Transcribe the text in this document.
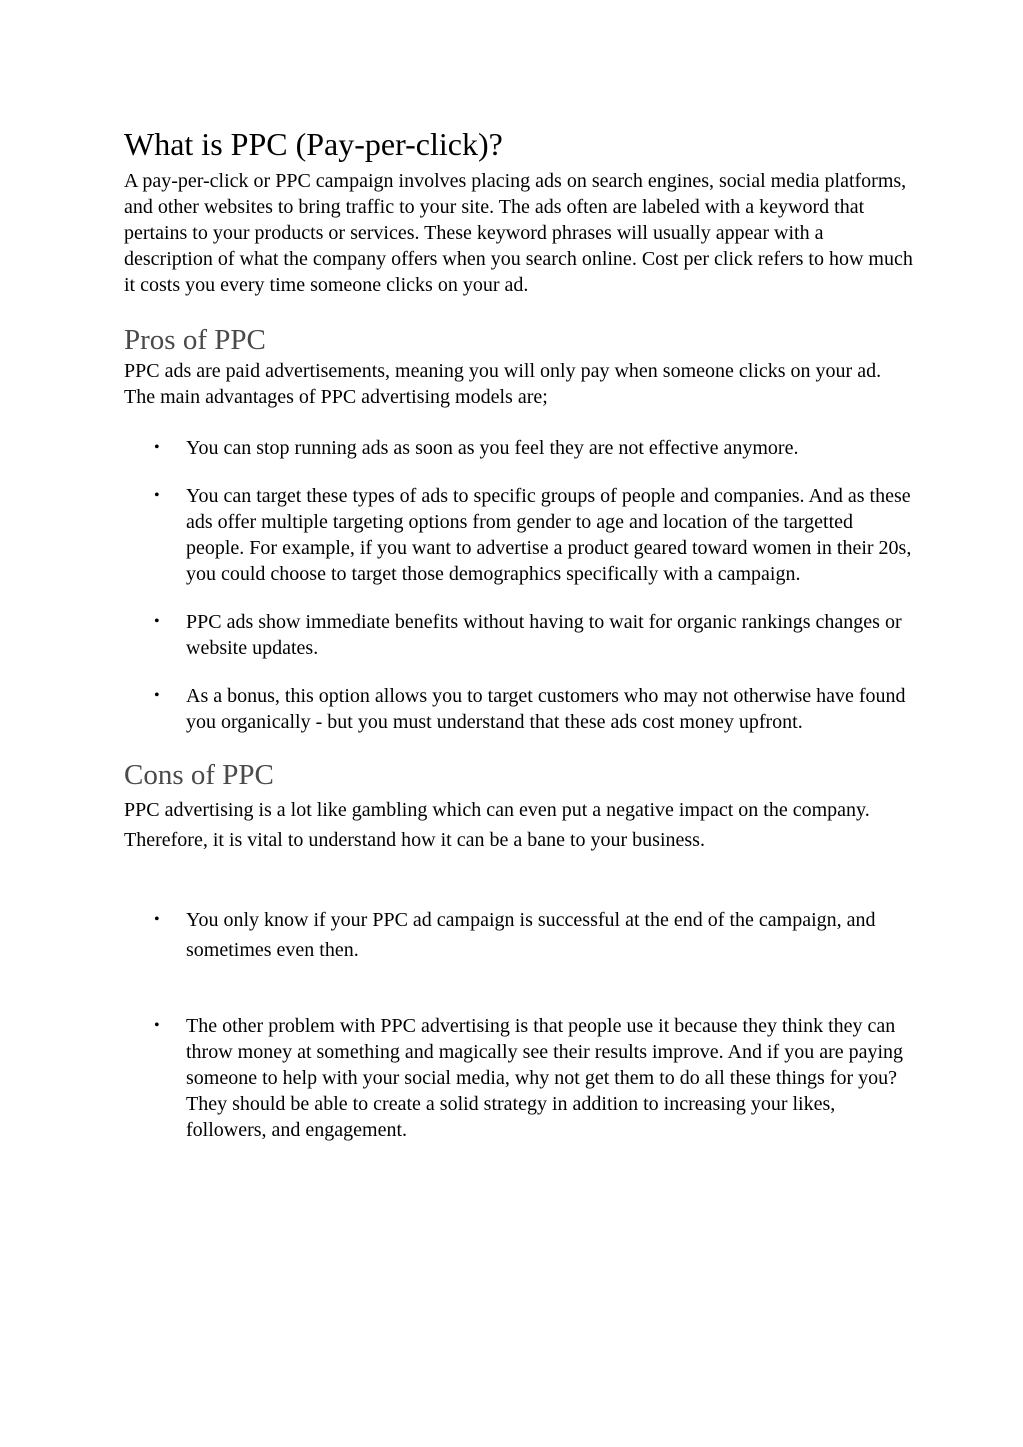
What is PPC (Pay-per-click)?

A pay-per-click or PPC campaign involves placing ads on search engines, social media platforms, and other websites to bring traffic to your site. The ads often are labeled with a keyword that pertains to your products or services. These keyword phrases will usually appear with a description of what the company offers when you search online. Cost per click refers to how much it costs you every time someone clicks on your ad.

Pros of PPC

PPC ads are paid advertisements, meaning you will only pay when someone clicks on your ad. The main advantages of PPC advertising models are;

• You can stop running ads as soon as you feel they are not effective anymore.
• You can target these types of ads to specific groups of people and companies. And as these ads offer multiple targeting options from gender to age and location of the targetted people. For example, if you want to advertise a product geared toward women in their 20s, you could choose to target those demographics specifically with a campaign.
• PPC ads show immediate benefits without having to wait for organic rankings changes or website updates.
• As a bonus, this option allows you to target customers who may not otherwise have found you organically - but you must understand that these ads cost money upfront.
Cons of PPC

PPC advertising is a lot like gambling which can even put a negative impact on the company. Therefore, it is vital to understand how it can be a bane to your business.

• You only know if your PPC ad campaign is successful at the end of the campaign, and sometimes even then.
• The other problem with PPC advertising is that people use it because they think they can throw money at something and magically see their results improve. And if you are paying someone to help with your social media, why not get them to do all these things for you? They should be able to create a solid strategy in addition to increasing your likes, followers, and engagement.
